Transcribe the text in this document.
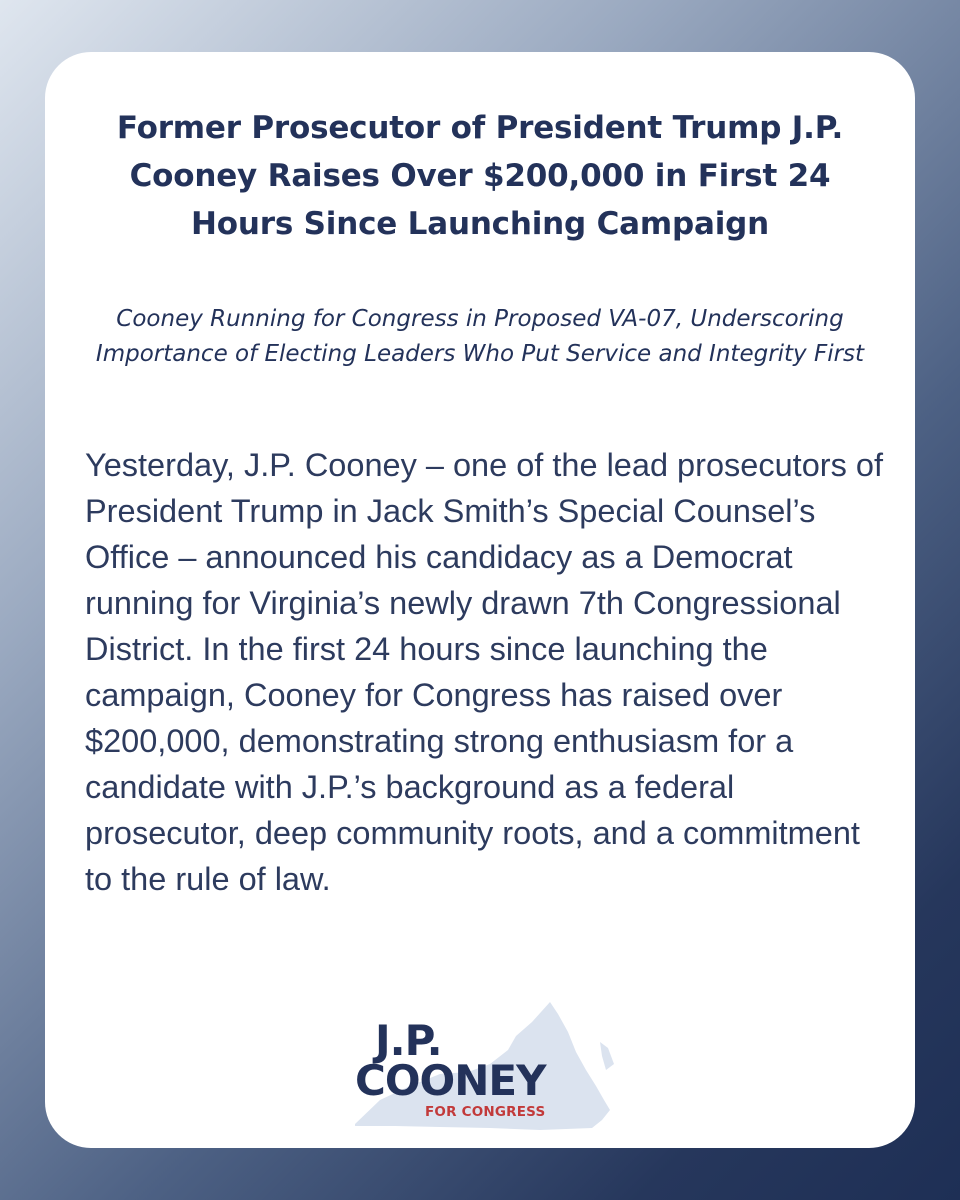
Former Prosecutor of President Trump J.P. Cooney Raises Over $200,000 in First 24 Hours Since Launching Campaign

Cooney Running for Congress in Proposed VA-07, Underscoring Importance of Electing Leaders Who Put Service and Integrity First

Yesterday, J.P. Cooney – one of the lead prosecutors of President Trump in Jack Smith’s Special Counsel’s Office – announced his candidacy as a Democrat running for Virginia’s newly drawn 7th Congressional District. In the first 24 hours since launching the campaign, Cooney for Congress has raised over $200,000, demonstrating strong enthusiasm for a candidate with J.P.’s background as a federal prosecutor, deep community roots, and a commitment to the rule of law.

J.P.
COONEY
FOR CONGRESS
